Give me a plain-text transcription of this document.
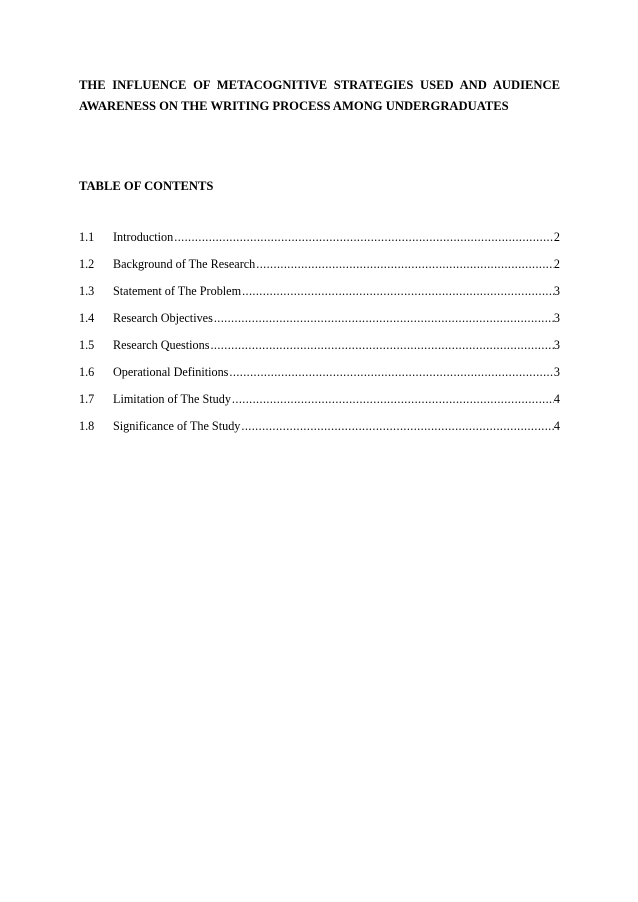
THE INFLUENCE OF METACOGNITIVE STRATEGIES USED AND AUDIENCE
AWARENESS ON THE WRITING PROCESS AMONG UNDERGRADUATES
TABLE OF CONTENTS
1.1	Introduction .....	2
1.2	Background of The Research .....	2
1.3	Statement of The Problem .....	3
1.4	Research Objectives .....	3
1.5	Research Questions .....	3
1.6	Operational Definitions .....	3
1.7	Limitation of The Study .....	4
1.8	Significance of The Study .....	4
